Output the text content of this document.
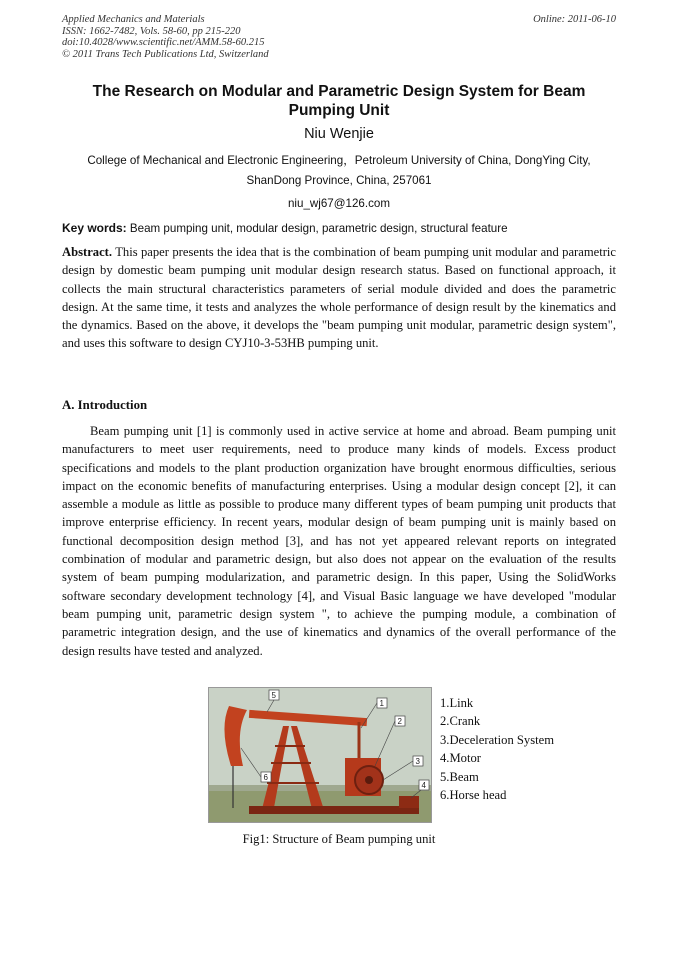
Applied Mechanics and Materials
ISSN: 1662-7482, Vols. 58-60, pp 215-220
doi:10.4028/www.scientific.net/AMM.58-60.215
© 2011 Trans Tech Publications Ltd, Switzerland
Online: 2011-06-10
The Research on Modular and Parametric Design System for Beam Pumping Unit
Niu Wenjie
College of Mechanical and Electronic Engineering，Petroleum University of China, DongYing City, ShanDong Province, China, 257061
niu_wj67@126.com
Key words: Beam pumping unit, modular design, parametric design, structural feature

Abstract. This paper presents the idea that is the combination of beam pumping unit modular and parametric design by domestic beam pumping unit modular design research status. Based on functional approach, it collects the main structural characteristics parameters of serial module divided and does the parametric design. At the same time, it tests and analyzes the whole performance of design result by the kinematics and the dynamics. Based on the above, it develops the "beam pumping unit modular, parametric design system", and uses this software to design CYJ10-3-53HB pumping unit.

A. Introduction

Beam pumping unit [1] is commonly used in active service at home and abroad. Beam pumping unit manufacturers to meet user requirements, need to produce many kinds of models. Excess product specifications and models to the plant production organization have brought enormous difficulties, serious impact on the economic benefits of manufacturing enterprises. Using a modular design concept [2], it can assemble a module as little as possible to produce many different types of beam pumping unit products that improve enterprise efficiency. In recent years, modular design of beam pumping unit is mainly based on functional decomposition design method [3], and has not yet appeared relevant reports on integrated combination of modular and parametric design, but also does not appear on the evaluation of the results system of beam pumping modularization, and parametric design. In this paper, Using the SolidWorks software secondary development technology [4], and Visual Basic language we have developed "modular beam pumping unit, parametric design system ", to achieve the pumping module, a combination of parametric integration design, and the use of kinematics and dynamics of the overall performance of the design results have tested and analyzed.

5
1
2
3
4
6
1.Link
2.Crank
3.Deceleration System
4.Motor
5.Beam
6.Horse head
Fig1: Structure of Beam pumping unit
